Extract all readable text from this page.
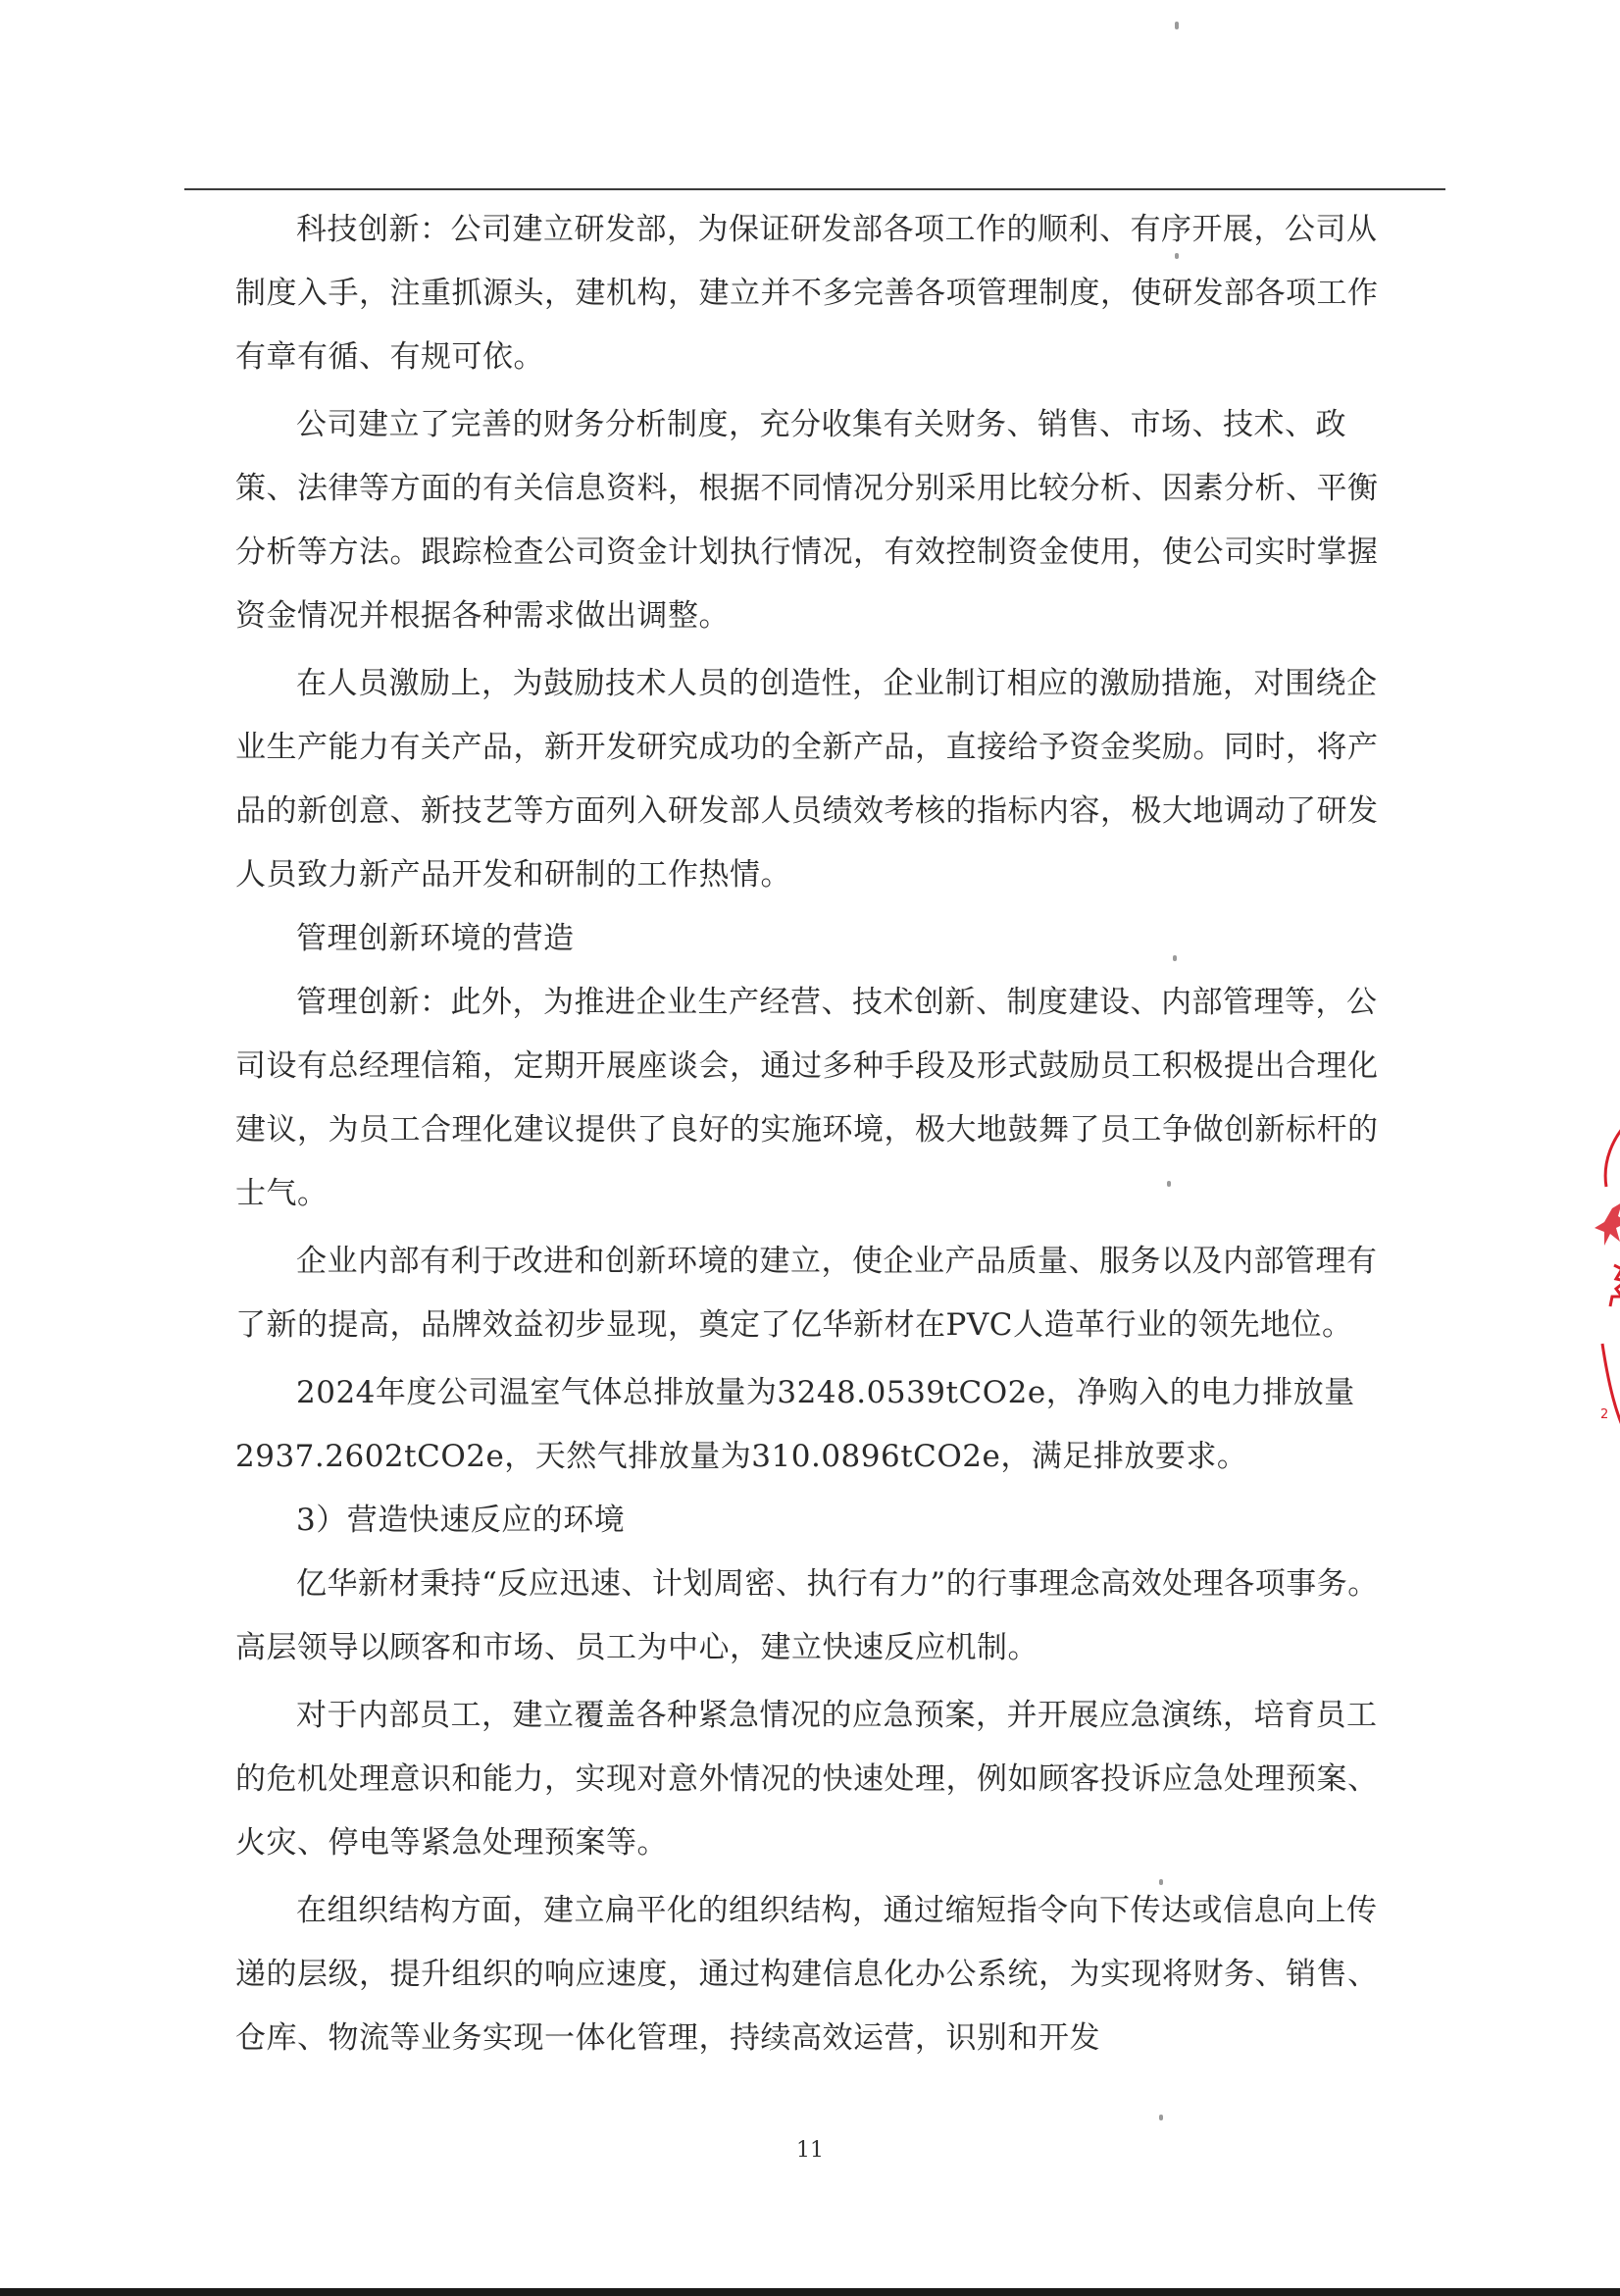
科技创新：公司建立研发部，为保证研发部各项工作的顺利、有序开展，公司从制度入手，注重抓源头，建机构，建立并不多完善各项管理制度，使研发部各项工作有章有循、有规可依。

公司建立了完善的财务分析制度，充分收集有关财务、销售、市场、技术、政策、法律等方面的有关信息资料，根据不同情况分别采用比较分析、因素分析、平衡分析等方法。跟踪检查公司资金计划执行情况，有效控制资金使用，使公司实时掌握资金情况并根据各种需求做出调整。

在人员激励上，为鼓励技术人员的创造性，企业制订相应的激励措施，对围绕企业生产能力有关产品，新开发研究成功的全新产品，直接给予资金奖励。同时，将产品的新创意、新技艺等方面列入研发部人员绩效考核的指标内容，极大地调动了研发人员致力新产品开发和研制的工作热情。

管理创新环境的营造

管理创新：此外，为推进企业生产经营、技术创新、制度建设、内部管理等，公司设有总经理信箱，定期开展座谈会，通过多种手段及形式鼓励员工积极提出合理化建议，为员工合理化建议提供了良好的实施环境，极大地鼓舞了员工争做创新标杆的士气。

企业内部有利于改进和创新环境的建立，使企业产品质量、服务以及内部管理有了新的提高，品牌效益初步显现，奠定了亿华新材在PVC人造革行业的领先地位。

2024年度公司温室气体总排放量为3248.0539tCO2e，净购入的电力排放量2937.2602tCO2e，天然气排放量为310.0896tCO2e，满足排放要求。

3）营造快速反应的环境

亿华新材秉持“反应迅速、计划周密、执行有力”的行事理念高效处理各项事务。高层领导以顾客和市场、员工为中心，建立快速反应机制。

对于内部员工，建立覆盖各种紧急情况的应急预案，并开展应急演练，培育员工的危机处理意识和能力，实现对意外情况的快速处理，例如顾客投诉应急处理预案、火灾、停电等紧急处理预案等。

在组织结构方面，建立扁平化的组织结构，通过缩短指令向下传达或信息向上传递的层级，提升组织的响应速度，通过构建信息化办公系统，为实现将财务、销售、仓库、物流等业务实现一体化管理，持续高效运营，识别和开发

11
2
